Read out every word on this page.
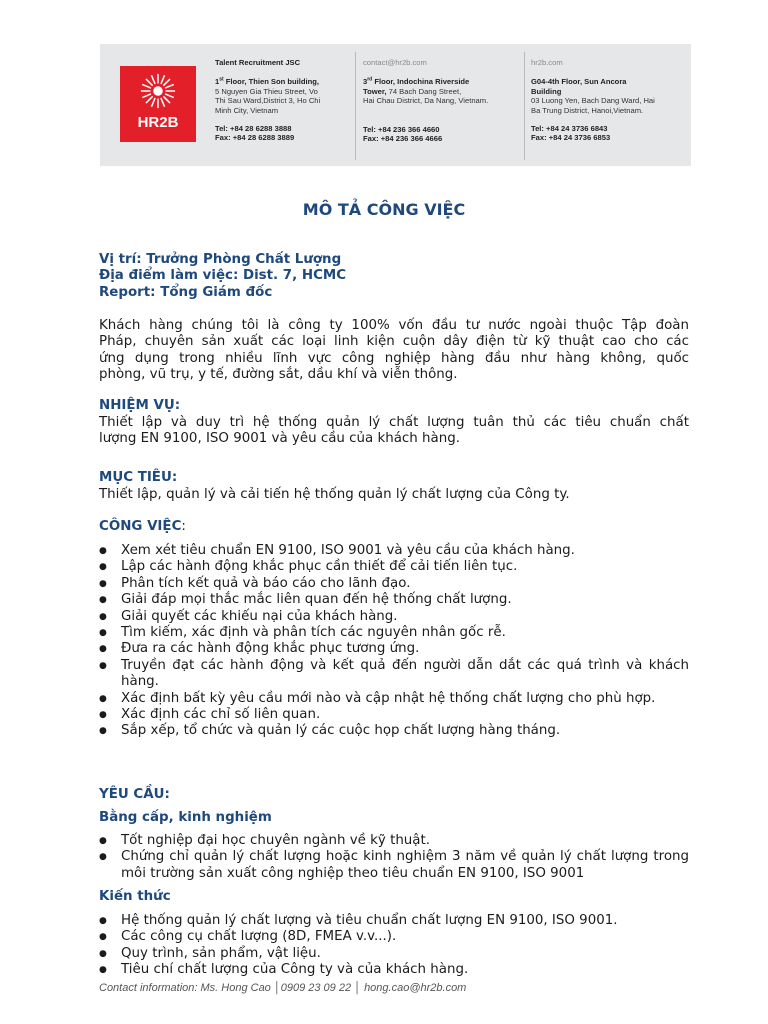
HR2B
Talent Recruitment JSC
1st Floor, Thien Son building,
5 Nguyen Gia Thieu Street, Vo
Thi Sau Ward,District 3, Ho Chi
Minh City, Vietnam
Tel: +84 28 6288 3888
Fax: +84 28 6288 3889
contact@hr2b.com
3rd Floor, Indochina Riverside
Tower, 74 Bach Dang Street,
Hai Chau District, Da Nang, Vietnam.
Tel: +84 236 366 4660
Fax: +84 236 366 4666
hr2b.com
G04-4th Floor, Sun Ancora
Building
03 Luong Yen, Bach Dang Ward, Hai
Ba Trung District, Hanoi,Vietnam.
Tel: +84 24 3736 6843
Fax: +84 24 3736 6853
MÔ TẢ CÔNG VIỆC
Vị trí: Trưởng Phòng Chất Lượng
Địa điểm làm việc: Dist. 7, HCMC
Report: Tổng Giám đốc
Khách hàng chúng tôi là công ty 100% vốn đầu tư nước ngoài thuộc Tập đoàn
Pháp, chuyên sản xuất các loại linh kiện cuộn dây điện từ kỹ thuật cao cho các
ứng dụng trong nhiều lĩnh vực công nghiệp hàng đầu như hàng không, quốc
phòng, vũ trụ, y tế, đường sắt, dầu khí và viễn thông.
NHIỆM VỤ:
Thiết lập và duy trì hệ thống quản lý chất lượng tuân thủ các tiêu chuẩn chất
lượng EN 9100, ISO 9001 và yêu cầu của khách hàng.
MỤC TIÊU:
Thiết lập, quản lý và cải tiến hệ thống quản lý chất lượng của Công ty.
CÔNG VIỆC:
● Xem xét tiêu chuẩn EN 9100, ISO 9001 và yêu cầu của khách hàng.
● Lập các hành động khắc phục cần thiết để cải tiến liên tục.
● Phân tích kết quả và báo cáo cho lãnh đạo.
● Giải đáp mọi thắc mắc liên quan đến hệ thống chất lượng.
● Giải quyết các khiếu nại của khách hàng.
● Tìm kiếm, xác định và phân tích các nguyên nhân gốc rễ.
● Đưa ra các hành động khắc phục tương ứng.
● Truyền đạt các hành động và kết quả đến người dẫn dắt các quá trình và khách hàng.
● Xác định bất kỳ yêu cầu mới nào và cập nhật hệ thống chất lượng cho phù hợp.
● Xác định các chỉ số liên quan.
● Sắp xếp, tổ chức và quản lý các cuộc họp chất lượng hàng tháng.
YÊU CẦU:
Bằng cấp, kinh nghiệm
● Tốt nghiệp đại học chuyên ngành về kỹ thuật.
● Chứng chỉ quản lý chất lượng hoặc kinh nghiệm 3 năm về quản lý chất lượng trong môi trường sản xuất công nghiệp theo tiêu chuẩn EN 9100, ISO 9001
Kiến thức
● Hệ thống quản lý chất lượng và tiêu chuẩn chất lượng EN 9100, ISO 9001.
● Các công cụ chất lượng (8D, FMEA v.v...).
● Quy trình, sản phẩm, vật liệu.
● Tiêu chí chất lượng của Công ty và của khách hàng.
Contact information: Ms. Hong Cao │0909 23 09 22 │ hong.cao@hr2b.com
